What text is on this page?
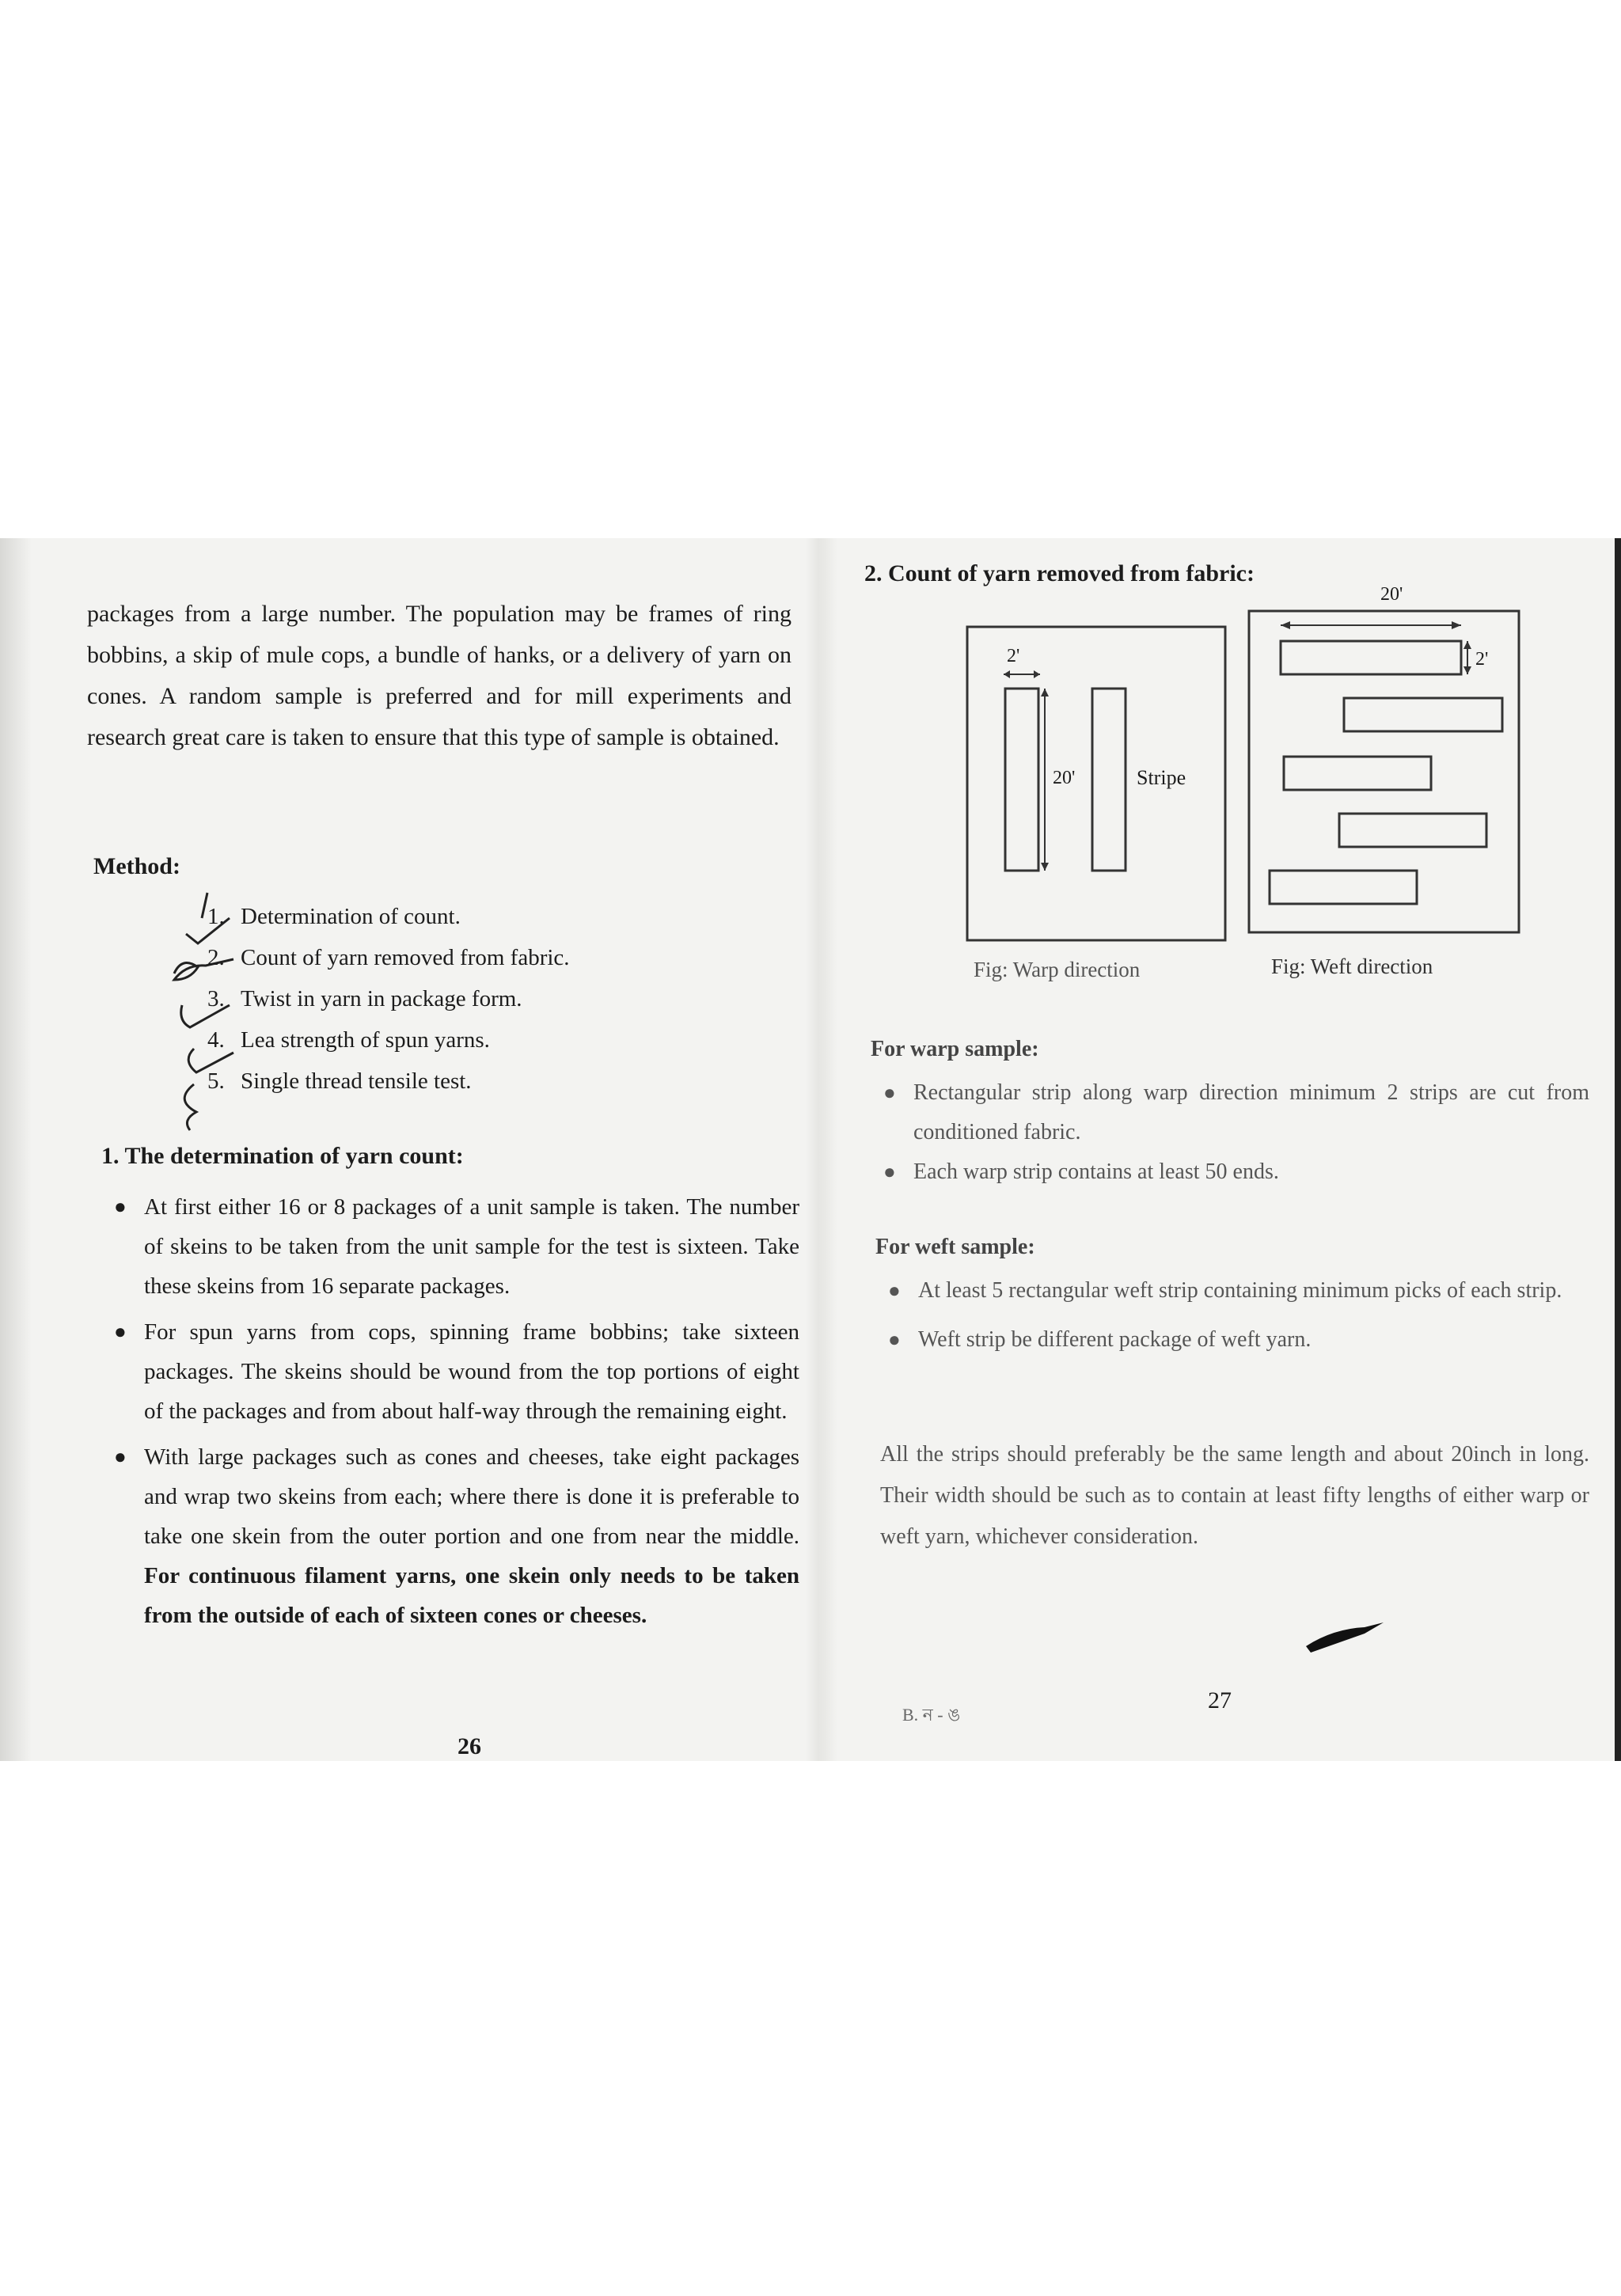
packages from a large number. The population may be frames of ring bobbins, a skip of mule cops, a bundle of hanks, or a delivery of yarn on cones. A random sample is preferred and for mill experiments and research great care is taken to ensure that this type of sample is obtained.

Method:
1. Determination of count.
2. Count of yarn removed from fabric.
3. Twist in yarn in package form.
4. Lea strength of spun yarns.
5. Single thread tensile test.
1. The determination of yarn count:
● At first either 16 or 8 packages of a unit sample is taken. The number of skeins to be taken from the unit sample for the test is sixteen. Take these skeins from 16 separate packages.
● For spun yarns from cops, spinning frame bobbins; take sixteen packages. The skeins should be wound from the top portions of eight of the packages and from about half-way through the remaining eight.
● With large packages such as cones and cheeses, take eight packages and wrap two skeins from each; where there is done it is preferable to take one skein from the outer portion and one from near the middle. For continuous filament yarns, one skein only needs to be taken from the outside of each of sixteen cones or cheeses.
26
2. Count of yarn removed from fabric:
2'
20'	Stripe
Fig: Warp direction
20'
2'
Fig: Weft direction
For warp sample:
● Rectangular strip along warp direction minimum 2 strips are cut from conditioned fabric.
● Each warp strip contains at least 50 ends.
For weft sample:
● At least 5 rectangular weft strip containing minimum picks of each strip.
● Weft strip be different package of weft yarn.

All the strips should preferably be the same length and about 20inch in long. Their width should be such as to contain at least fifty lengths of either warp or weft yarn, whichever consideration.

B. ন - ঙ
27
